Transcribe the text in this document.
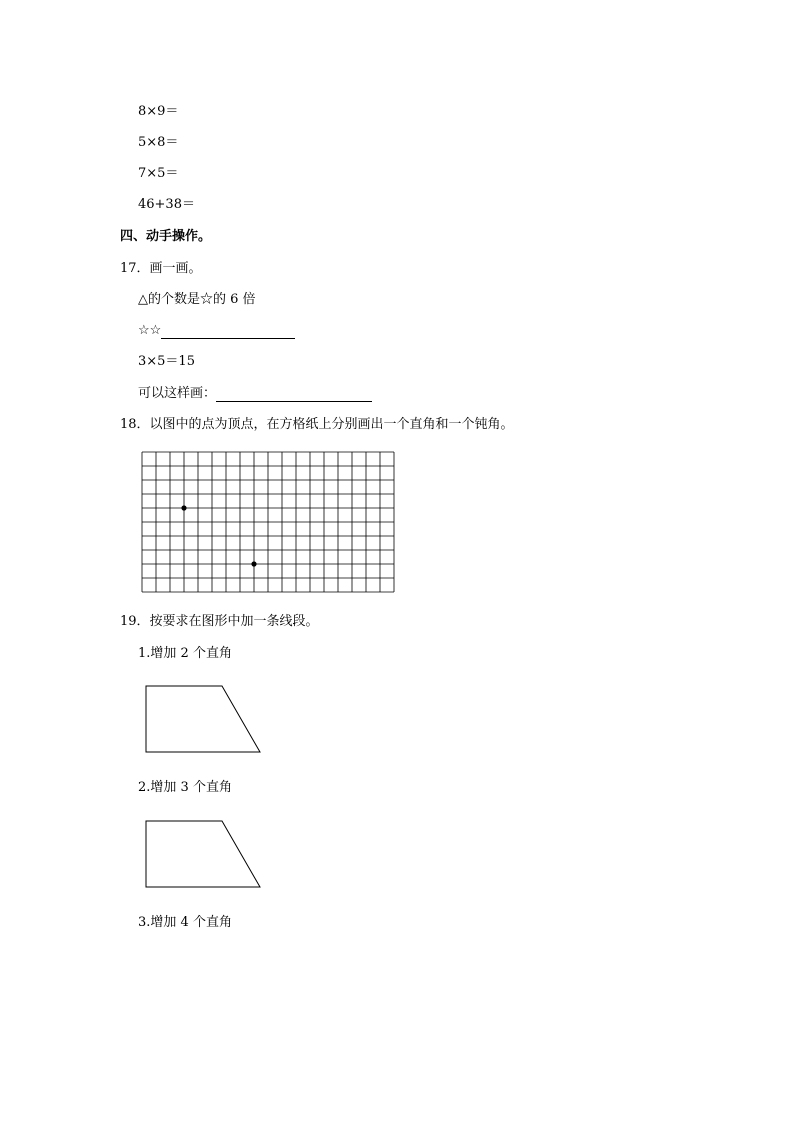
8×9＝
5×8＝
7×5＝
46+38＝
四、动手操作。
17．画一画。
△的个数是☆的 6 倍
☆☆
3×5＝15
可以这样画：
18．以图中的点为顶点，在方格纸上分别画出一个直角和一个钝角。
19．按要求在图形中加一条线段。
1.增加 2 个直角
2.增加 3 个直角
3.增加 4 个直角
